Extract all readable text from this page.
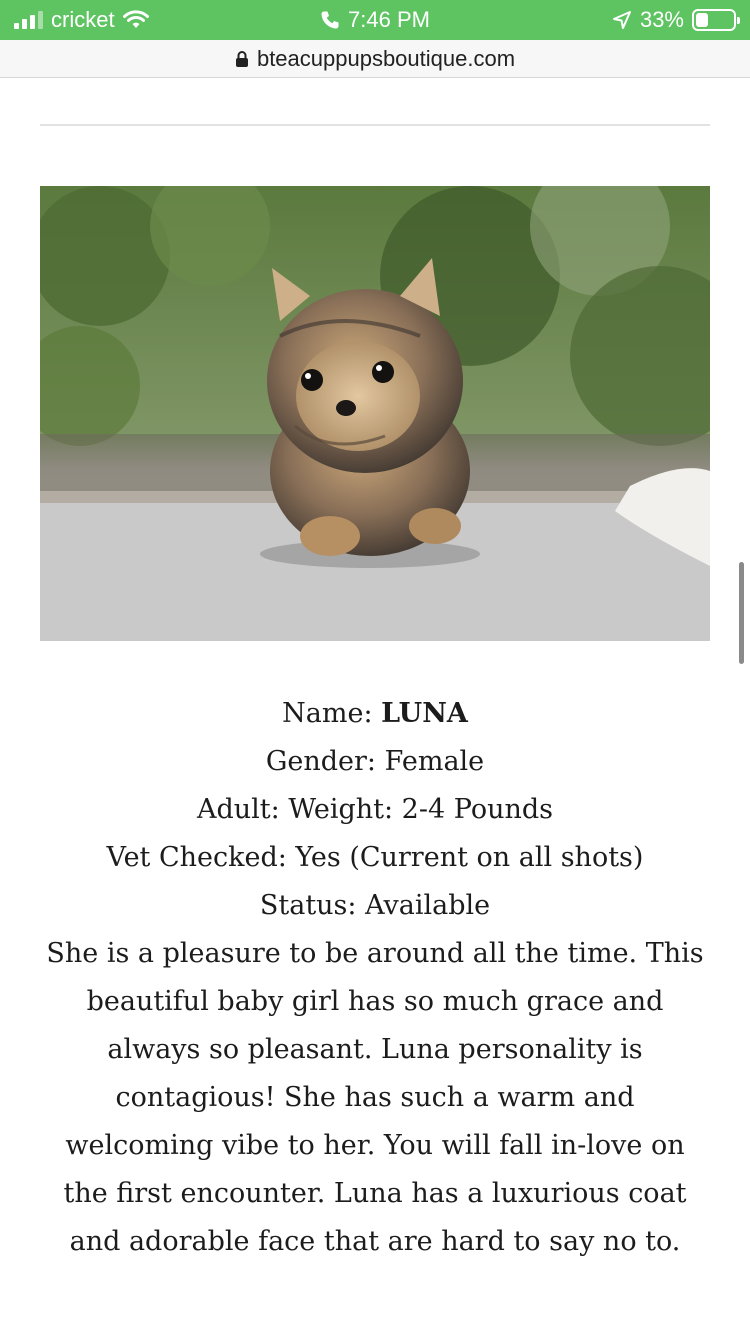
cricket	7:46 PM	33%
bteacuppupsboutique.com

Name: LUNA

Gender: Female

Adult: Weight: 2-4 Pounds

Vet Checked: Yes (Current on all shots)

Status: Available

She is a pleasure to be around all the time. This beautiful baby girl has so much grace and always so pleasant. Luna personality is contagious! She has such a warm and welcoming vibe to her. You will fall in-love on the first encounter. Luna has a luxurious coat and adorable face that are hard to say no to.
